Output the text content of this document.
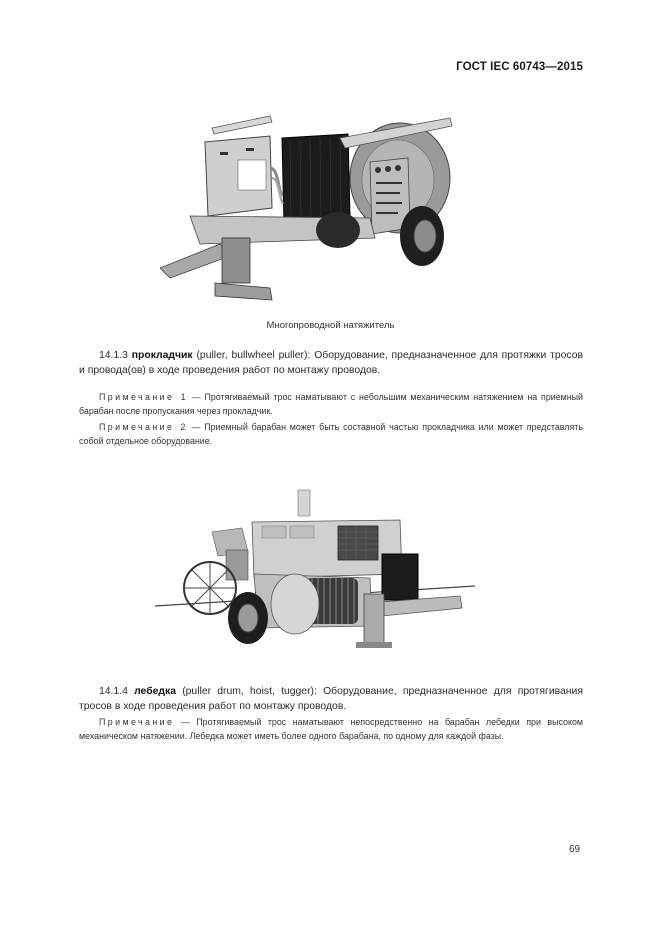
ГОСТ IEC 60743—2015
Многопроводной натяжитель
14.1.3 прокладчик (puller, bullwheel puller): Оборудование, предназначенное для протяжки тросов и провода(ов) в ходе проведения работ по монтажу проводов.
Примечание 1 — Протягиваемый трос наматывают с небольшим механическим натяжением на приемный барабан после пропускания через прокладчик.
Примечание 2 — Приемный барабан может быть составной частью прокладчика или может представлять собой отдельное оборудование.
14.1.4 лебедка (puller drum, hoist, tugger): Оборудование, предназначенное для протягивания тросов в ходе проведения работ по монтажу проводов.
Примечание — Протягиваемый трос наматывают непосредственно на барабан лебедки при высоком механическом натяжении. Лебедка может иметь более одного барабана, по одному для каждой фазы.
69
